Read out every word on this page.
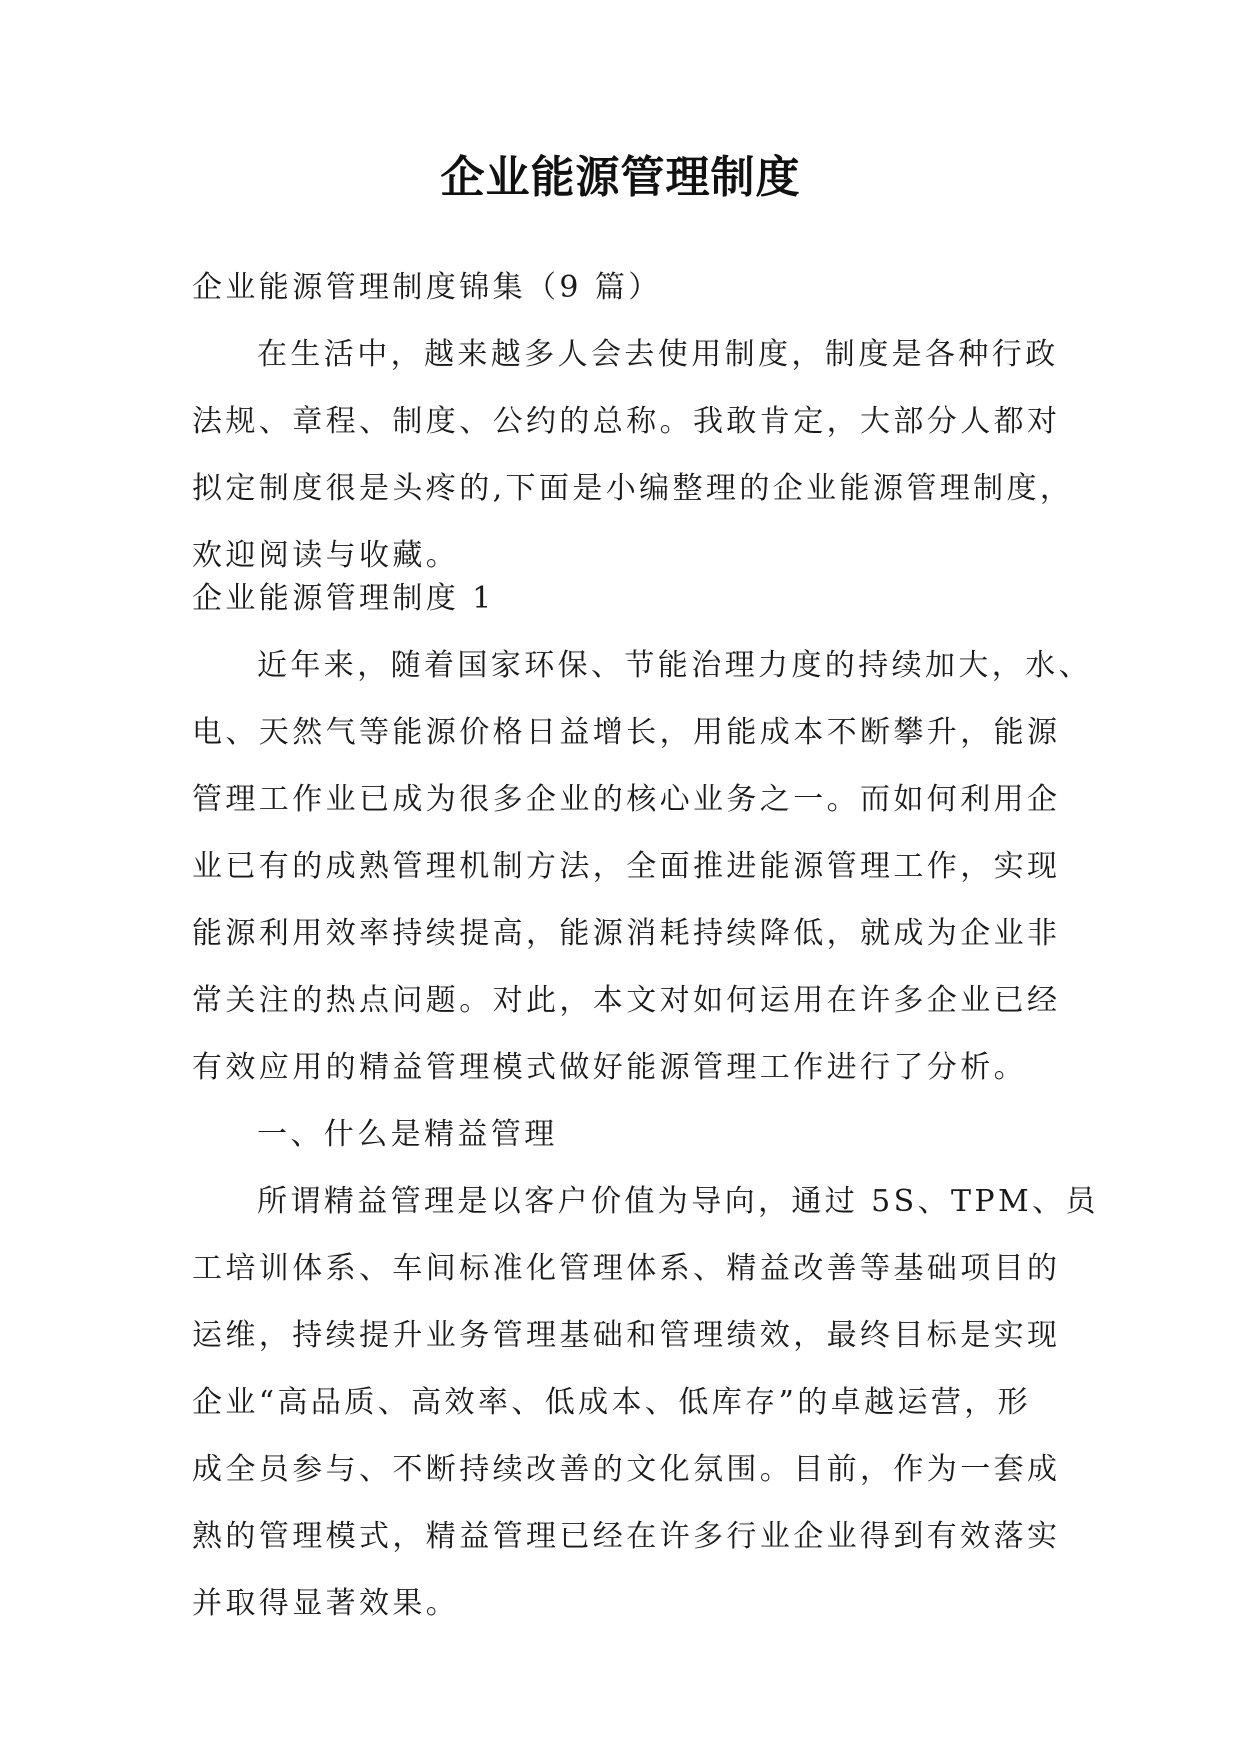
企业能源管理制度
企业能源管理制度锦集（9 篇）
在生活中，越来越多人会去使用制度，制度是各种行政
法规、章程、制度、公约的总称。我敢肯定，大部分人都对
拟定制度很是头疼的,下面是小编整理的企业能源管理制度，
欢迎阅读与收藏。
企业能源管理制度 1
近年来，随着国家环保、节能治理力度的持续加大，水、
电、天然气等能源价格日益增长，用能成本不断攀升，能源
管理工作业已成为很多企业的核心业务之一。而如何利用企
业已有的成熟管理机制方法，全面推进能源管理工作，实现
能源利用效率持续提高，能源消耗持续降低，就成为企业非
常关注的热点问题。对此，本文对如何运用在许多企业已经
有效应用的精益管理模式做好能源管理工作进行了分析。
一、什么是精益管理
所谓精益管理是以客户价值为导向，通过 5S、TPM、员
工培训体系、车间标准化管理体系、精益改善等基础项目的
运维，持续提升业务管理基础和管理绩效，最终目标是实现
企业“高品质、高效率、低成本、低库存”的卓越运营，形
成全员参与、不断持续改善的文化氛围。目前，作为一套成
熟的管理模式，精益管理已经在许多行业企业得到有效落实
并取得显著效果。
